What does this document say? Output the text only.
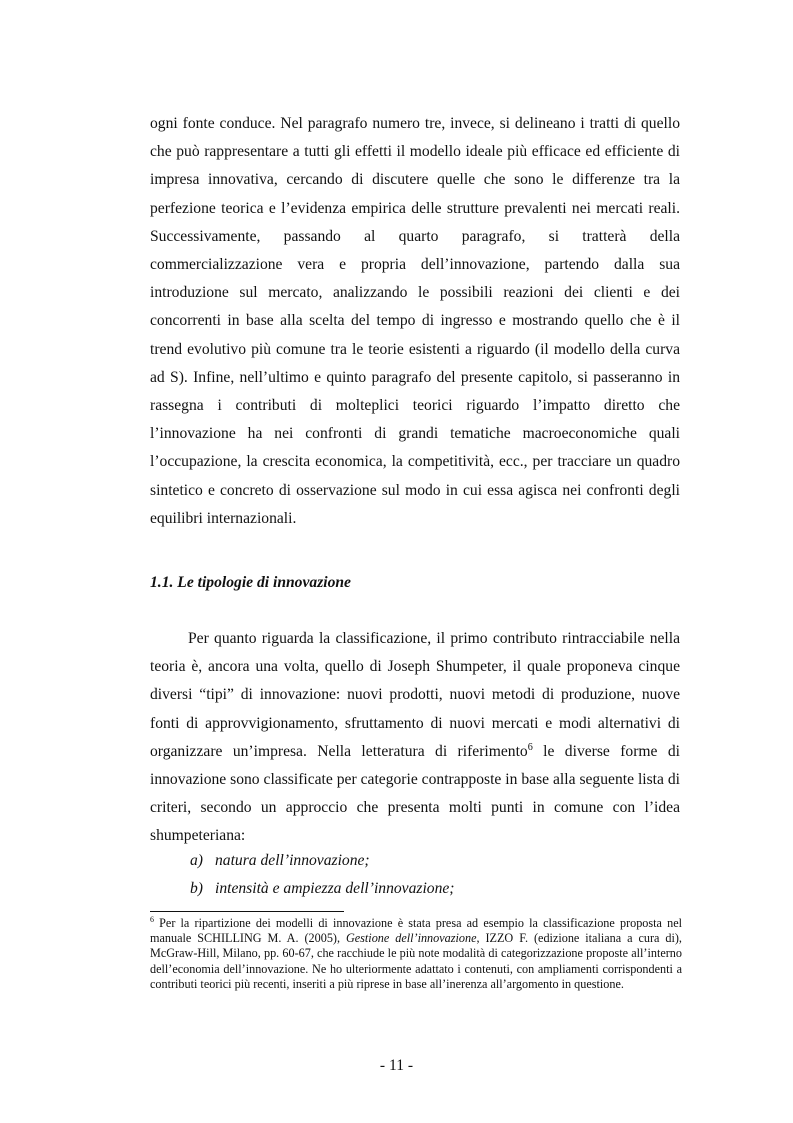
ogni fonte conduce. Nel paragrafo numero tre, invece, si delineano i tratti di quello che può rappresentare a tutti gli effetti il modello ideale più efficace ed efficiente di impresa innovativa, cercando di discutere quelle che sono le differenze tra la perfezione teorica e l’evidenza empirica delle strutture prevalenti nei mercati reali. Successivamente, passando al quarto paragrafo, si tratterà della commercializzazione vera e propria dell’innovazione, partendo dalla sua introduzione sul mercato, analizzando le possibili reazioni dei clienti e dei concorrenti in base alla scelta del tempo di ingresso e mostrando quello che è il trend evolutivo più comune tra le teorie esistenti a riguardo (il modello della curva ad S). Infine, nell’ultimo e quinto paragrafo del presente capitolo, si passeranno in rassegna i contributi di molteplici teorici riguardo l’impatto diretto che l’innovazione ha nei confronti di grandi tematiche macroeconomiche quali l’occupazione, la crescita economica, la competitività, ecc., per tracciare un quadro sintetico e concreto di osservazione sul modo in cui essa agisca nei confronti degli equilibri internazionali.

1.1. Le tipologie di innovazione

Per quanto riguarda la classificazione, il primo contributo rintracciabile nella teoria è, ancora una volta, quello di Joseph Shumpeter, il quale proponeva cinque diversi “tipi” di innovazione: nuovi prodotti, nuovi metodi di produzione, nuove fonti di approvvigionamento, sfruttamento di nuovi mercati e modi alternativi di organizzare un’impresa. Nella letteratura di riferimento$^6$ le diverse forme di innovazione sono classificate per categorie contrapposte in base alla seguente lista di criteri, secondo un approccio che presenta molti punti in comune con l’idea shumpeteriana:

a) natura dell’innovazione;
b) intensità e ampiezza dell’innovazione;

$^6$ Per la ripartizione dei modelli di innovazione è stata presa ad esempio la classificazione proposta nel manuale SCHILLING M. A. (2005), Gestione dell’innovazione, IZZO F. (edizione italiana a cura di), McGraw-Hill, Milano, pp. 60-67, che racchiude le più note modalità di categorizzazione proposte all’interno dell’economia dell’innovazione. Ne ho ulteriormente adattato i contenuti, con ampliamenti corrispondenti a contributi teorici più recenti, inseriti a più riprese in base all’inerenza all’argomento in questione.

- 11 -
